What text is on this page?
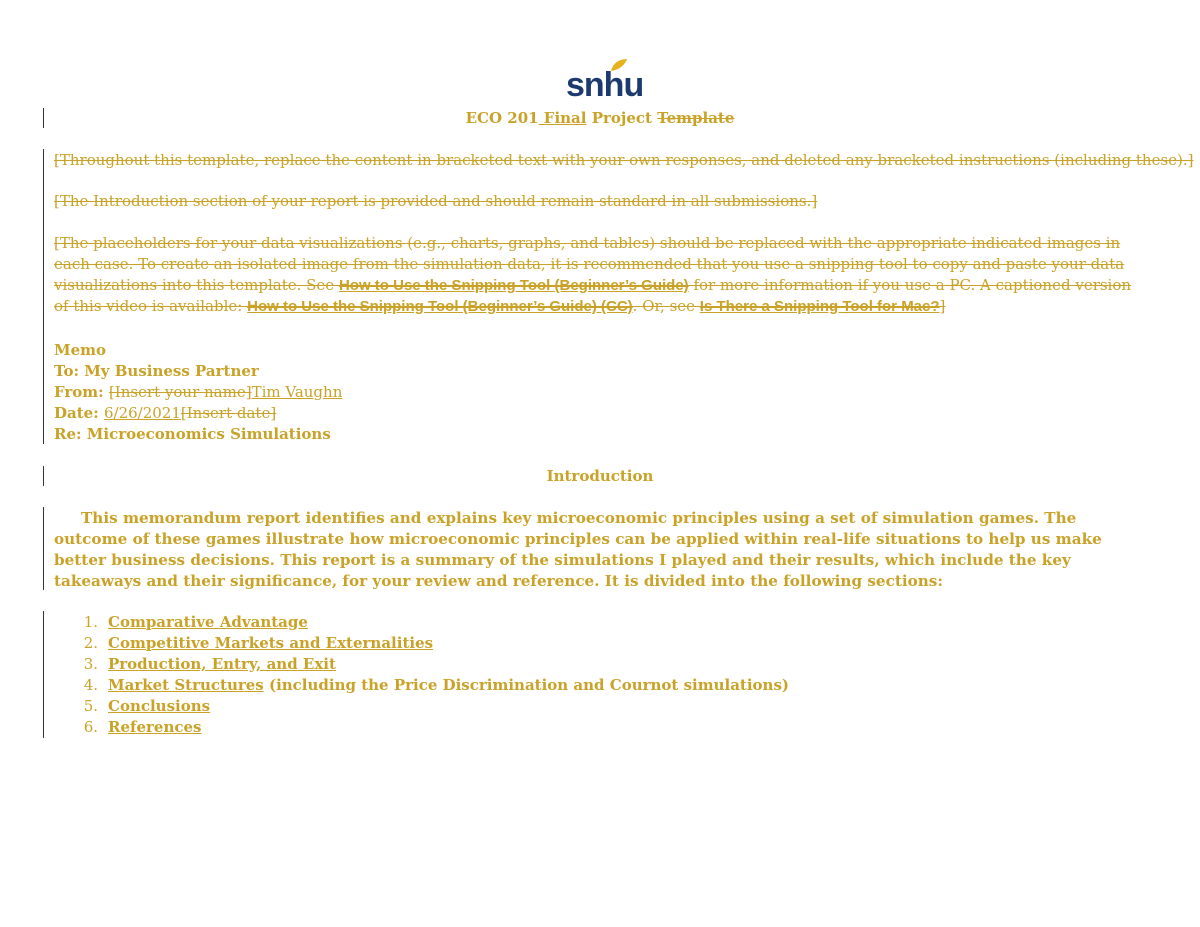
snhu
ECO 201 Final Project Template
[Throughout this template, replace the content in bracketed text with your own responses, and deleted any bracketed instructions (including these).]
[The Introduction section of your report is provided and should remain standard in all submissions.]
[The placeholders for your data visualizations (e.g., charts, graphs, and tables) should be replaced with the appropriate indicated images in each case. To create an isolated image from the simulation data, it is recommended that you use a snipping tool to copy and paste your data visualizations into this template. See How to Use the Snipping Tool (Beginner’s Guide) for more information if you use a PC. A captioned version of this video is available: How to Use the Snipping Tool (Beginner’s Guide) (CC). Or, see Is There a Snipping Tool for Mac?]
Memo
To: My Business Partner
From: [Insert your name]Tim Vaughn
Date: 6/26/2021[Insert date]
Re: Microeconomics Simulations
Introduction
This memorandum report identifies and explains key microeconomic principles using a set of simulation games. The outcome of these games illustrate how microeconomic principles can be applied within real-life situations to help us make better business decisions. This report is a summary of the simulations I played and their results, which include the key takeaways and their significance, for your review and reference. It is divided into the following sections:
1. Comparative Advantage
2. Competitive Markets and Externalities
3. Production, Entry, and Exit
4. Market Structures (including the Price Discrimination and Cournot simulations)
5. Conclusions
6. References
